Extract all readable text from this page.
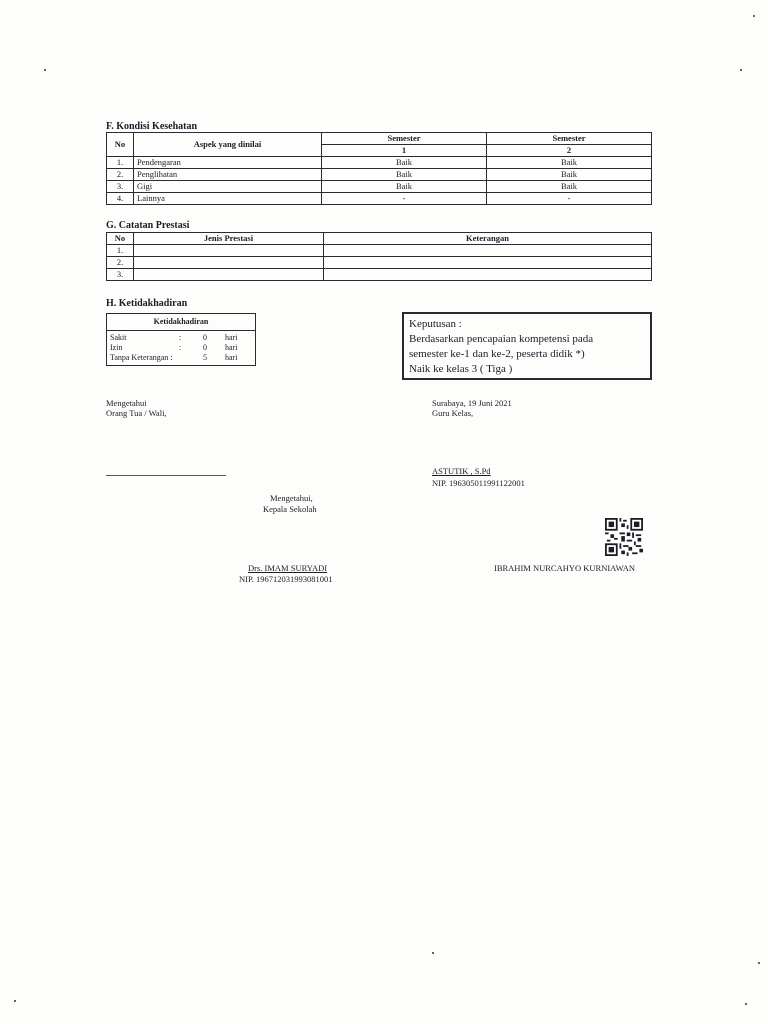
F. Kondisi Kesehatan
No	Aspek yang dinilai	Semester	Semester
		1	2
1.	Pendengaran	Baik	Baik
2.	Penglihatan	Baik	Baik
3.	Gigi	Baik	Baik
4.	Lainnya	-	-
G. Catatan Prestasi
No	Jenis Prestasi	Keterangan
1.		
2.		
3.		
H. Ketidakhadiran
Ketidakhadiran
Sakit	:	0 hari
Izin	:	0 hari
Tanpa Keterangan :	5 hari
Keputusan :
Berdasarkan pencapaian kompetensi pada
semester ke-1 dan ke-2, peserta didik *)
Naik ke kelas 3 ( Tiga )
Mengetahui
Orang Tua / Wali,
Surabaya, 19 Juni 2021
Guru Kelas,
ASTUTIK , S.Pd
NIP. 196305011991122001
Mengetahui,
Kepala Sekolah
Drs. IMAM SURYADI
NIP. 196712031993081001
IBRAHIM NURCAHYO KURNIAWAN
